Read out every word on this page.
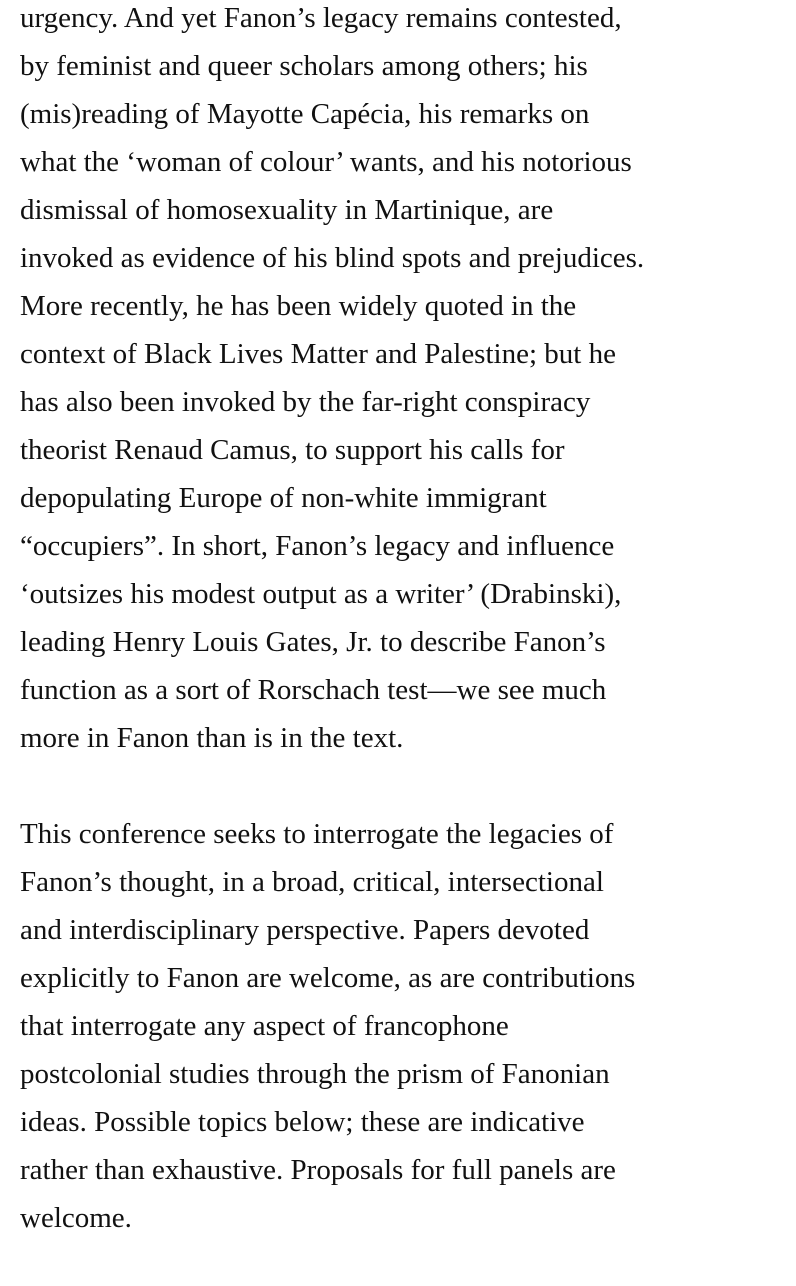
urgency. And yet Fanon’s legacy remains contested,
by feminist and queer scholars among others; his
(mis)reading of Mayotte Capécia, his remarks on
what the ‘woman of colour’ wants, and his notorious
dismissal of homosexuality in Martinique, are
invoked as evidence of his blind spots and prejudices.
More recently, he has been widely quoted in the
context of Black Lives Matter and Palestine; but he
has also been invoked by the far-right conspiracy
theorist Renaud Camus, to support his calls for
depopulating Europe of non-white immigrant
“occupiers”. In short, Fanon’s legacy and influence
‘outsizes his modest output as a writer’ (Drabinski),
leading Henry Louis Gates, Jr. to describe Fanon’s
function as a sort of Rorschach test—we see much
more in Fanon than is in the text.

This conference seeks to interrogate the legacies of
Fanon’s thought, in a broad, critical, intersectional
and interdisciplinary perspective. Papers devoted
explicitly to Fanon are welcome, as are contributions
that interrogate any aspect of francophone
postcolonial studies through the prism of Fanonian
ideas. Possible topics below; these are indicative
rather than exhaustive. Proposals for full panels are
welcome.
